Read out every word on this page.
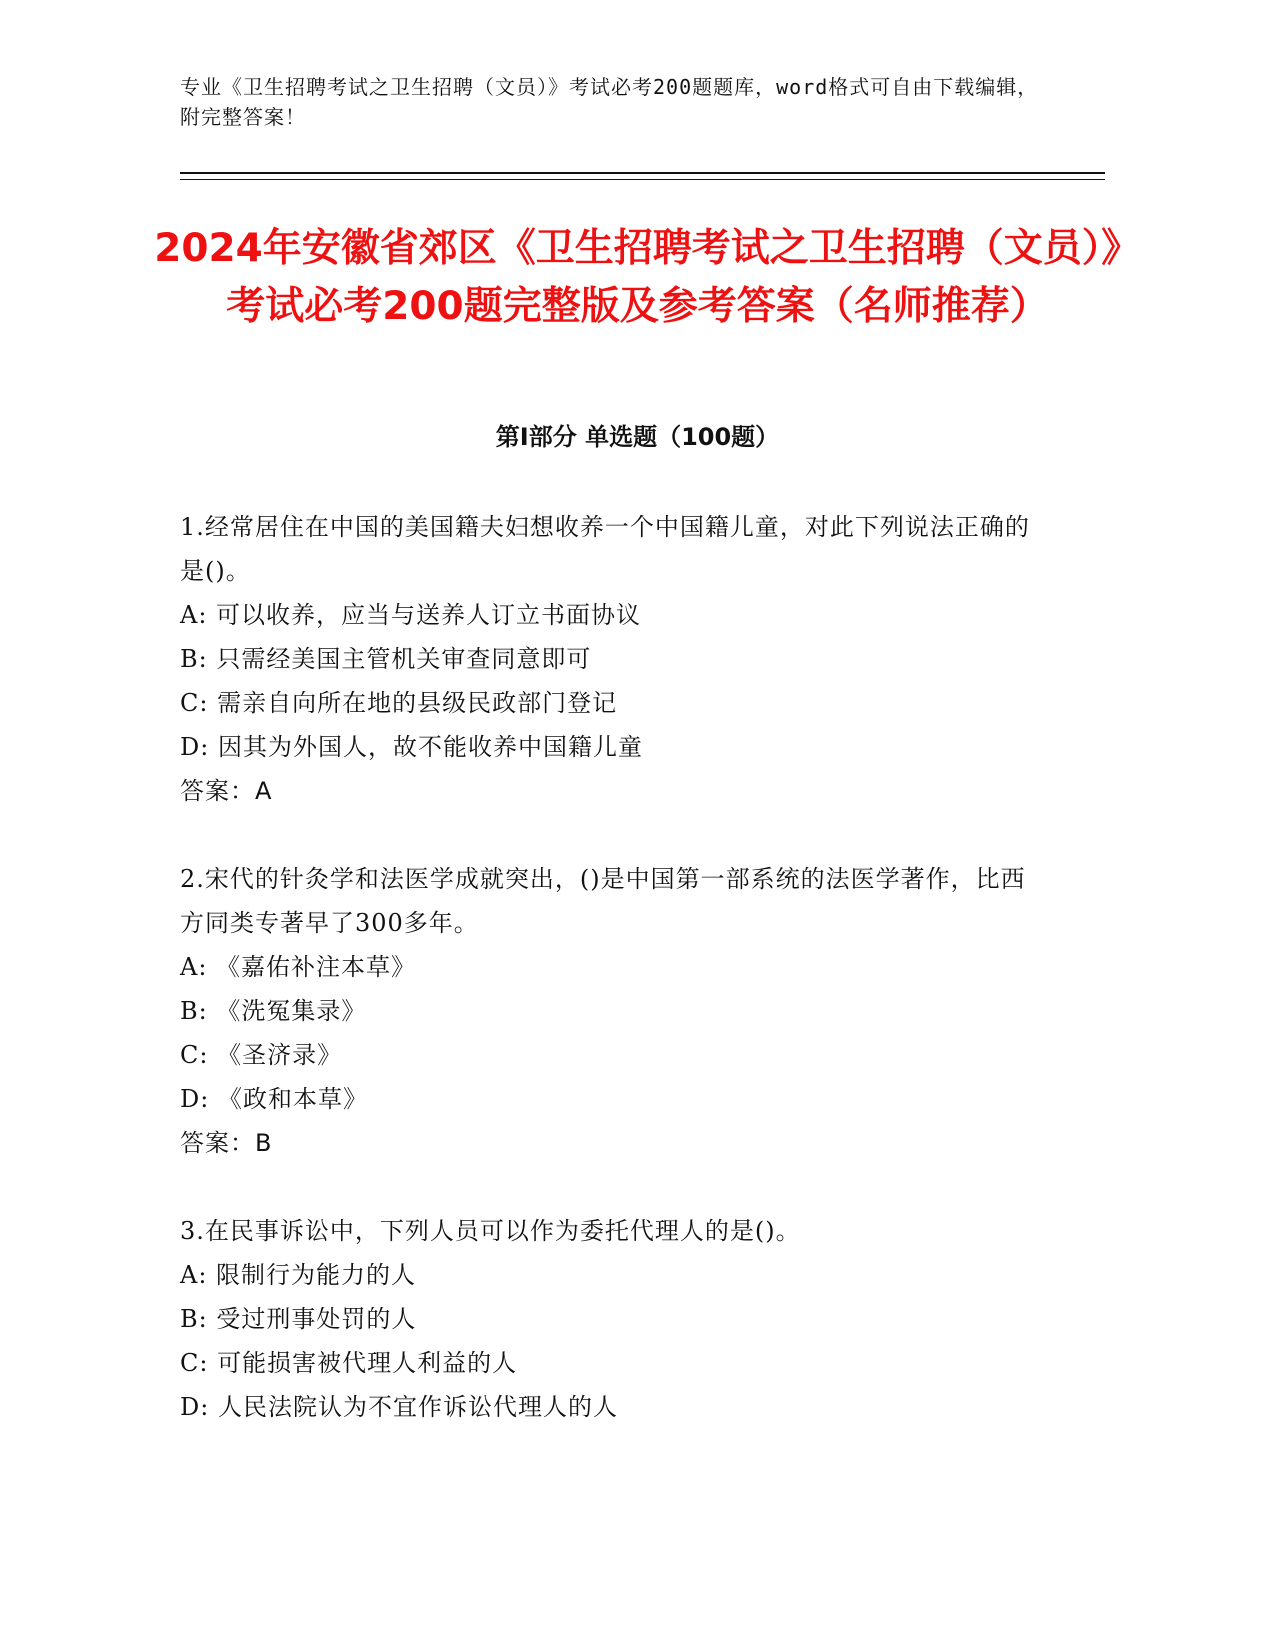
专业《卫生招聘考试之卫生招聘（文员）》考试必考200题题库，word格式可自由下载编辑，附完整答案！
2024年安徽省郊区《卫生招聘考试之卫生招聘（文员）》考试必考200题完整版及参考答案（名师推荐）
第I部分 单选题（100题）

1.经常居住在中国的美国籍夫妇想收养一个中国籍儿童，对此下列说法正确的是()。

A: 可以收养，应当与送养人订立书面协议

B: 只需经美国主管机关审查同意即可

C: 需亲自向所在地的县级民政部门登记

D: 因其为外国人，故不能收养中国籍儿童

答案：A

2.宋代的针灸学和法医学成就突出，()是中国第一部系统的法医学著作，比西方同类专著早了300多年。

A: 《嘉佑补注本草》

B: 《洗冤集录》

C: 《圣济录》

D: 《政和本草》

答案：B

3.在民事诉讼中，下列人员可以作为委托代理人的是()。

A: 限制行为能力的人

B: 受过刑事处罚的人

C: 可能损害被代理人利益的人

D: 人民法院认为不宜作诉讼代理人的人
